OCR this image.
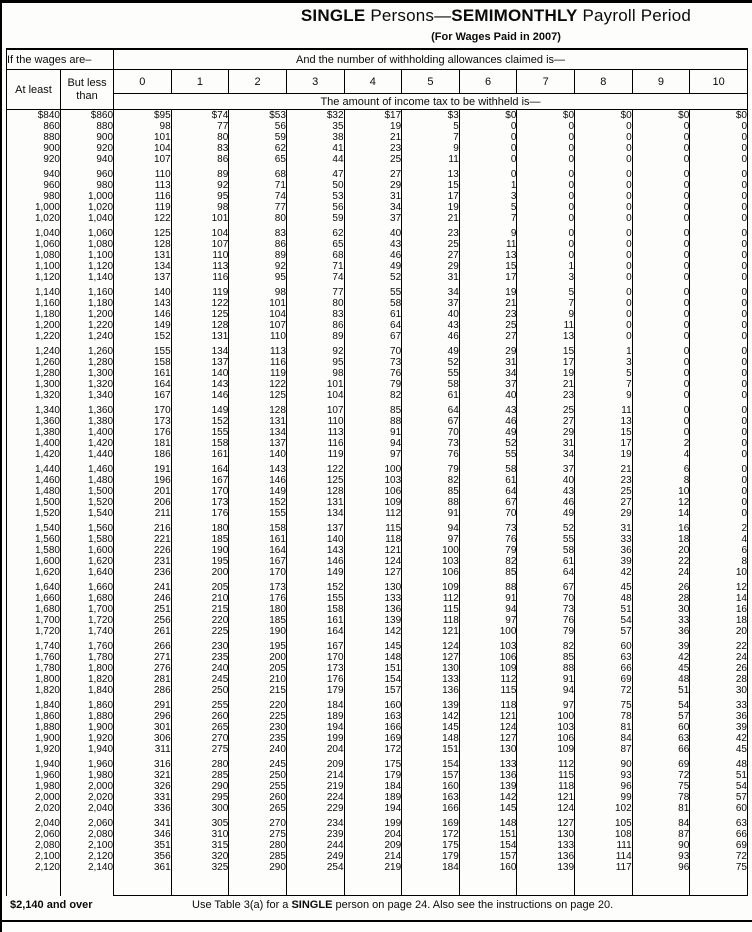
SINGLE Persons—SEMIMONTHLY Payroll Period
(For Wages Paid in 2007)
If the wages are–		And the number of withholding allowances claimed is—										
At least	But less than	0	1	2	3	4	5	6	7	8	9	10
		The amount of income tax to be withheld is—										
$840	$860	$95	$74	$53	$32	$17	$3	$0	$0	$0	$0	$0
860	880	98	77	56	35	19	5	0	0	0	0	0
880	900	101	80	59	38	21	7	0	0	0	0	0
900	920	104	83	62	41	23	9	0	0	0	0	0
920	940	107	86	65	44	25	11	0	0	0	0	0

940	960	110	89	68	47	27	13	0	0	0	0	0
960	980	113	92	71	50	29	15	1	0	0	0	0
980	1,000	116	95	74	53	31	17	3	0	0	0	0
1,000	1,020	119	98	77	56	34	19	5	0	0	0	0
1,020	1,040	122	101	80	59	37	21	7	0	0	0	0

1,040	1,060	125	104	83	62	40	23	9	0	0	0	0
1,060	1,080	128	107	86	65	43	25	11	0	0	0	0
1,080	1,100	131	110	89	68	46	27	13	0	0	0	0
1,100	1,120	134	113	92	71	49	29	15	1	0	0	0
1,120	1,140	137	116	95	74	52	31	17	3	0	0	0

1,140	1,160	140	119	98	77	55	34	19	5	0	0	0
1,160	1,180	143	122	101	80	58	37	21	7	0	0	0
1,180	1,200	146	125	104	83	61	40	23	9	0	0	0
1,200	1,220	149	128	107	86	64	43	25	11	0	0	0
1,220	1,240	152	131	110	89	67	46	27	13	0	0	0

1,240	1,260	155	134	113	92	70	49	29	15	1	0	0
1,260	1,280	158	137	116	95	73	52	31	17	3	0	0
1,280	1,300	161	140	119	98	76	55	34	19	5	0	0
1,300	1,320	164	143	122	101	79	58	37	21	7	0	0
1,320	1,340	167	146	125	104	82	61	40	23	9	0	0

1,340	1,360	170	149	128	107	85	64	43	25	11	0	0
1,360	1,380	173	152	131	110	88	67	46	27	13	0	0
1,380	1,400	176	155	134	113	91	70	49	29	15	0	0
1,400	1,420	181	158	137	116	94	73	52	31	17	2	0
1,420	1,440	186	161	140	119	97	76	55	34	19	4	0

1,440	1,460	191	164	143	122	100	79	58	37	21	6	0
1,460	1,480	196	167	146	125	103	82	61	40	23	8	0
1,480	1,500	201	170	149	128	106	85	64	43	25	10	0
1,500	1,520	206	173	152	131	109	88	67	46	27	12	0
1,520	1,540	211	176	155	134	112	91	70	49	29	14	0

1,540	1,560	216	180	158	137	115	94	73	52	31	16	2
1,560	1,580	221	185	161	140	118	97	76	55	33	18	4
1,580	1,600	226	190	164	143	121	100	79	58	36	20	6
1,600	1,620	231	195	167	146	124	103	82	61	39	22	8
1,620	1,640	236	200	170	149	127	106	85	64	42	24	10

1,640	1,660	241	205	173	152	130	109	88	67	45	26	12
1,660	1,680	246	210	176	155	133	112	91	70	48	28	14
1,680	1,700	251	215	180	158	136	115	94	73	51	30	16
1,700	1,720	256	220	185	161	139	118	97	76	54	33	18
1,720	1,740	261	225	190	164	142	121	100	79	57	36	20

1,740	1,760	266	230	195	167	145	124	103	82	60	39	22
1,760	1,780	271	235	200	170	148	127	106	85	63	42	24
1,780	1,800	276	240	205	173	151	130	109	88	66	45	26
1,800	1,820	281	245	210	176	154	133	112	91	69	48	28
1,820	1,840	286	250	215	179	157	136	115	94	72	51	30

1,840	1,860	291	255	220	184	160	139	118	97	75	54	33
1,860	1,880	296	260	225	189	163	142	121	100	78	57	36
1,880	1,900	301	265	230	194	166	145	124	103	81	60	39
1,900	1,920	306	270	235	199	169	148	127	106	84	63	42
1,920	1,940	311	275	240	204	172	151	130	109	87	66	45

1,940	1,960	316	280	245	209	175	154	133	112	90	69	48
1,960	1,980	321	285	250	214	179	157	136	115	93	72	51
1,980	2,000	326	290	255	219	184	160	139	118	96	75	54
2,000	2,020	331	295	260	224	189	163	142	121	99	78	57
2,020	2,040	336	300	265	229	194	166	145	124	102	81	60

2,040	2,060	341	305	270	234	199	169	148	127	105	84	63
2,060	2,080	346	310	275	239	204	172	151	130	108	87	66
2,080	2,100	351	315	280	244	209	175	154	133	111	90	69
2,100	2,120	356	320	285	249	214	179	157	136	114	93	72
2,120	2,140	361	325	290	254	219	184	160	139	117	96	75

$2,140 and over	Use Table 3(a) for a SINGLE person on page 24. Also see the instructions on page 20.
